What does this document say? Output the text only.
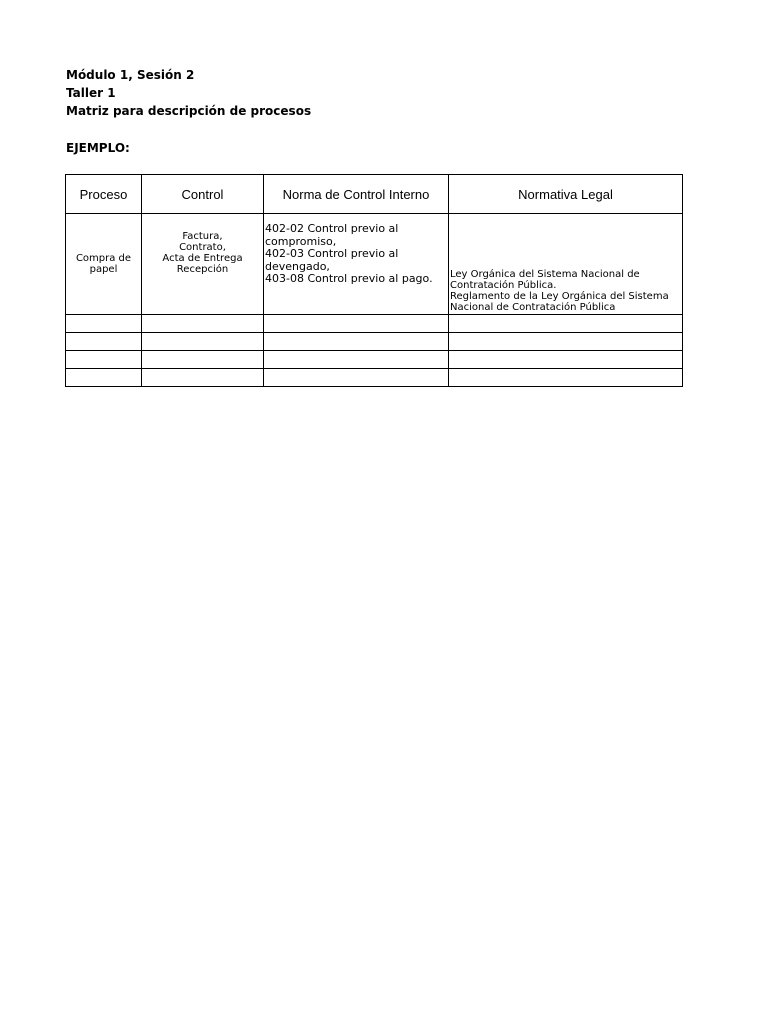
Módulo 1, Sesión 2
Taller 1
Matriz para descripción de procesos
EJEMPLO:
Proceso	Control	Norma de Control Interno	Normativa Legal

Compra de
papel	Factura,
Contrato,
Acta de Entrega
Recepción	402-02 Control previo al
compromiso,
402-03 Control previo al
devengado,
403-08 Control previo al pago.	Ley Orgánica del Sistema Nacional de
Contratación Pública.
Reglamento de la Ley Orgánica del Sistema
Nacional de Contratación Pública
